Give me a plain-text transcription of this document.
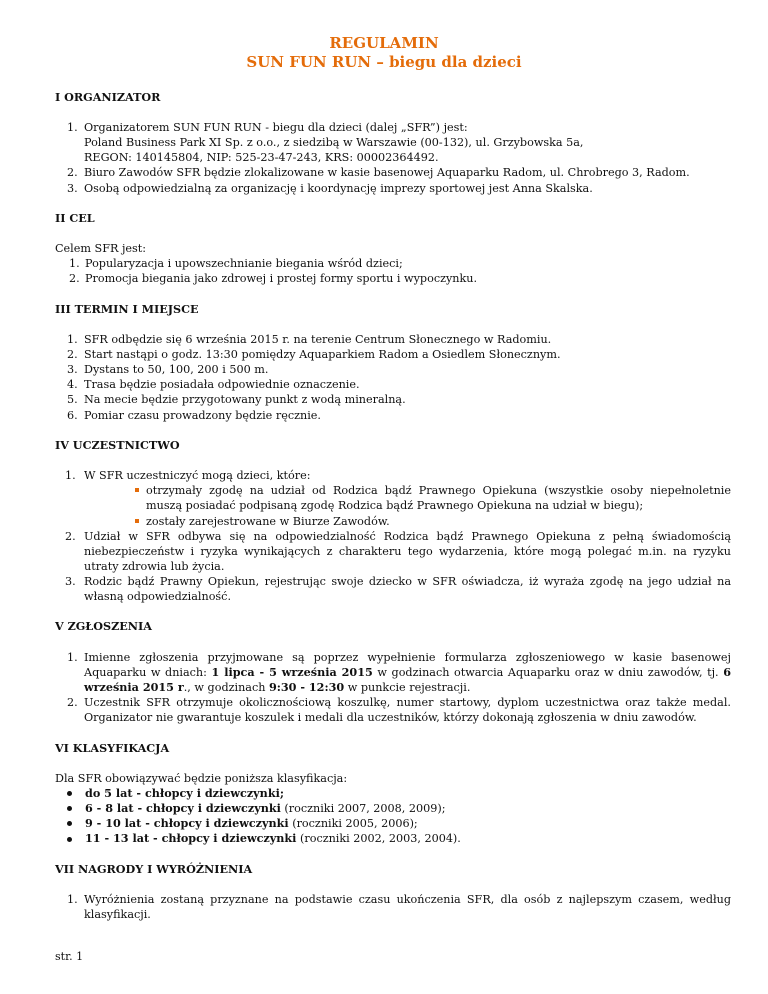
REGULAMIN
SUN FUN RUN – biegu dla dzieci

I ORGANIZATOR

1. Organizatorem SUN FUN RUN - biegu dla dzieci (dalej „SFR”) jest:
Poland Business Park XI Sp. z o.o., z siedzibą w Warszawie (00-132), ul. Grzybowska 5a,
REGON: 140145804, NIP: 525-23-47-243, KRS: 00002364492.
2. Biuro Zawodów SFR będzie zlokalizowane w kasie basenowej Aquaparku Radom, ul. Chrobrego 3, Radom.
3. Osobą odpowiedzialną za organizację i koordynację imprezy sportowej jest Anna Skalska.

II CEL

Celem SFR jest:
1. Popularyzacja i upowszechnianie biegania wśród dzieci;
2. Promocja biegania jako zdrowej i prostej formy sportu i wypoczynku.

III TERMIN I MIEJSCE

1. SFR odbędzie się 6 września 2015 r. na terenie Centrum Słonecznego w Radomiu.
2. Start nastąpi o godz. 13:30 pomiędzy Aquaparkiem Radom a Osiedlem Słonecznym.
3. Dystans to 50, 100, 200 i 500 m.
4. Trasa będzie posiadała odpowiednie oznaczenie.
5. Na mecie będzie przygotowany punkt z wodą mineralną.
6. Pomiar czasu prowadzony będzie ręcznie.

IV UCZESTNICTWO

1. W SFR uczestniczyć mogą dzieci, które:
otrzymały zgodę na udział od Rodzica bądź Prawnego Opiekuna (wszystkie osoby niepełnoletnie muszą posiadać podpisaną zgodę Rodzica bądź Prawnego Opiekuna na udział w biegu);
zostały zarejestrowane w Biurze Zawodów.
2. Udział w SFR odbywa się na odpowiedzialność Rodzica bądź Prawnego Opiekuna z pełną świadomością niebezpieczeństw i ryzyka wynikających z charakteru tego wydarzenia, które mogą polegać m.in. na ryzyku utraty zdrowia lub życia.
3. Rodzic bądź Prawny Opiekun, rejestrując swoje dziecko w SFR oświadcza, iż wyraża zgodę na jego udział na własną odpowiedzialność.

V ZGŁOSZENIA

1. Imienne zgłoszenia przyjmowane są poprzez wypełnienie formularza zgłoszeniowego w kasie basenowej Aquaparku w dniach: 1 lipca - 5 września 2015 w godzinach otwarcia Aquaparku oraz w dniu zawodów, tj. 6 września 2015 r., w godzinach 9:30 - 12:30 w punkcie rejestracji.
2. Uczestnik SFR otrzymuje okolicznościową koszulkę, numer startowy, dyplom uczestnictwa oraz także medal. Organizator nie gwarantuje koszulek i medali dla uczestników, którzy dokonają zgłoszenia w dniu zawodów.

VI KLASYFIKACJA

Dla SFR obowiązywać będzie poniższa klasyfikacja:
do 5 lat - chłopcy i dziewczynki;
6 - 8 lat - chłopcy i dziewczynki (roczniki 2007, 2008, 2009);
9 - 10 lat - chłopcy i dziewczynki (roczniki 2005, 2006);
11 - 13 lat - chłopcy i dziewczynki (roczniki 2002, 2003, 2004).

VII NAGRODY I WYRÓŻNIENIA

1. Wyróżnienia zostaną przyznane na podstawie czasu ukończenia SFR, dla osób z najlepszym czasem, według klasyfikacji.
str. 1
